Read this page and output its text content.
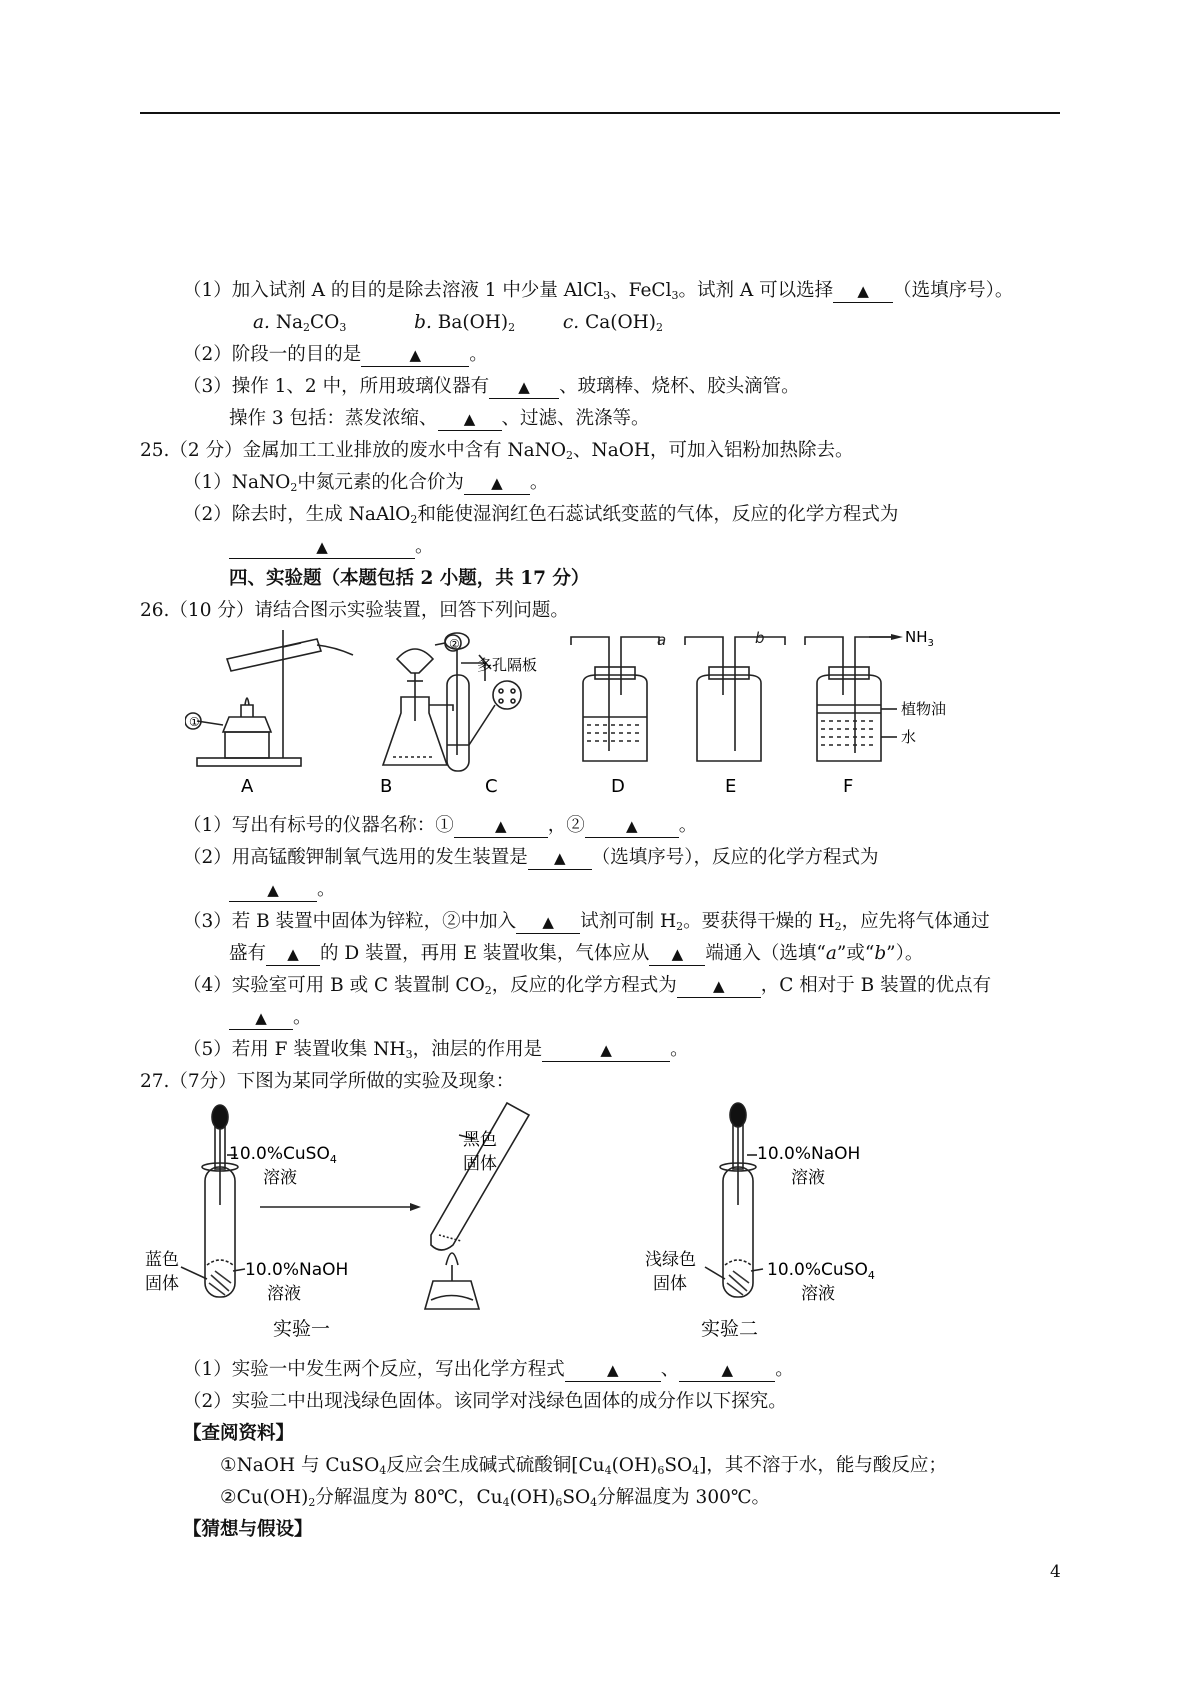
（1）加入试剂 A 的目的是除去溶液 1 中少量 AlCl$_3$、FeCl$_3$。试剂 A 可以选择 ▲ （选填序号）。
a. $Na_2CO_3$	b. $Ba(OH)_2$	c. $Ca(OH)_2$
（2）阶段一的目的是	▲	。
（3）操作 1、2 中，所用玻璃仪器有 ▲ 、玻璃棒、烧杯、胶头滴管。
操作 3 包括：蒸发浓缩、 ▲ 、过滤、洗涤等。
25.（2 分）金属加工工业排放的废水中含有 NaNO$_2$、NaOH，可加入铝粉加热除去。
（1）NaNO$_2$中氮元素的化合价为 ▲ 。
（2）除去时，生成 NaAlO$_2$和能使湿润红色石蕊试纸变蓝的气体，反应的化学方程式为
▲	。
四、实验题（本题包括 2 小题，共 17 分）
26.（10 分）请结合图示实验装置，回答下列问题。
①
②
多孔隔板
a	b	$NH_3$
植物油
水
A	B	C	D	E	F
（1）写出有标号的仪器名称：①	▲ ，②	▲ 。
（2）用高锰酸钾制氧气选用的发生装置是 ▲ （选填序号），反应的化学方程式为
▲ 。
（3）若 B 装置中固体为锌粒，②中加入 ▲ 试剂可制 $H_2$。要获得干燥的 $H_2$，应先将气体通过
盛有 ▲ 的 D 装置，再用 E 装置收集，气体应从 ▲ 端通入（选填“a”或“b”）。
（4）实验室可用 B 或 C 装置制 $CO_2$，反应的化学方程式为 ▲ ，C 相对于 B 装置的优点有
▲ 。
（5）若用 F 装置收集 $NH_3$，油层的作用是	▲	。
27.（7分）下图为某同学所做的实验及现象：
10.0%CuSO$_4$
溶液
蓝色
固体
10.0%NaOH
溶液
黑色
固体
实验一
10.0%NaOH
溶液
浅绿色
固体
10.0%CuSO$_4$
溶液
实验二
（1）实验一中发生两个反应，写出化学方程式	▲ 、	▲ 。
（2）实验二中出现浅绿色固体。该同学对浅绿色固体的成分作以下探究。
【查阅资料】
①NaOH 与 CuSO$_4$反应会生成碱式硫酸铜$[Cu_4(OH)_6SO_4]$，其不溶于水，能与酸反应；
$②Cu(OH)_2$分解温度为 80℃，$Cu_4(OH)_6SO_4$分解温度为 300℃。
【猜想与假设】
4
